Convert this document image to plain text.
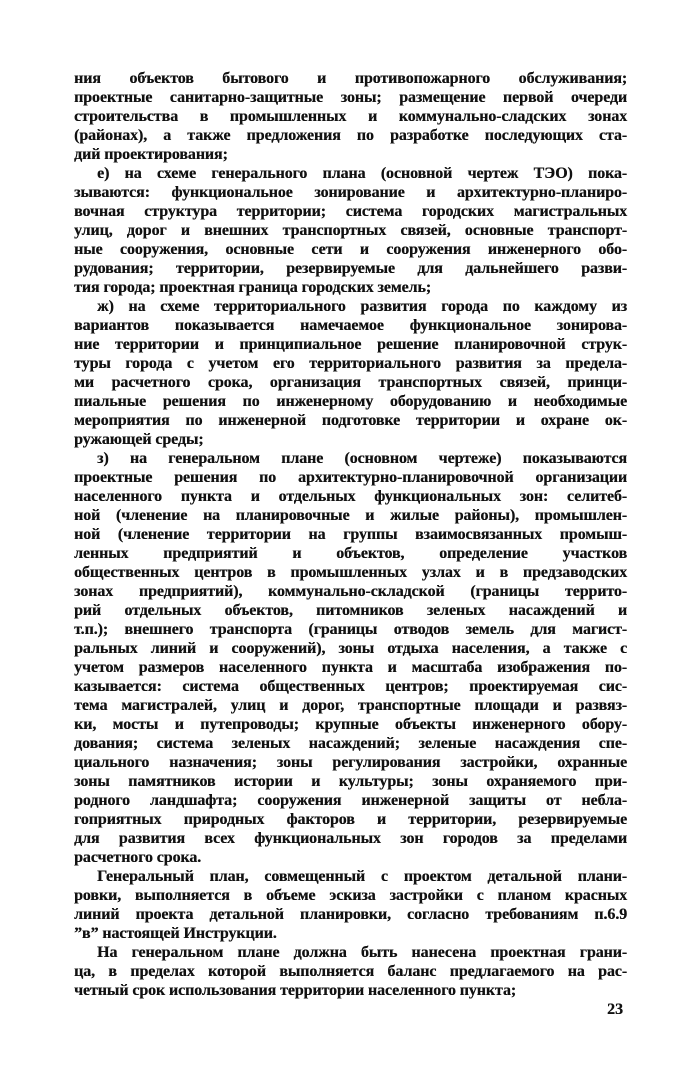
ния объектов бытового и противопожарного обслуживания;
проектные санитарно-защитные зоны; размещение первой очереди
строительства в промышленных и коммунально-сладских зонах
(районах), а также предложения по разработке последующих ста-
дий проектирования;
е) на схеме генерального плана (основной чертеж ТЭО) пока-
зываются: функциональное зонирование и архитектурно-планиро-
вочная структура территории; система городских магистральных
улиц, дорог и внешних транспортных связей, основные транспорт-
ные сооружения, основные сети и сооружения инженерного обо-
рудования; территории, резервируемые для дальнейшего разви-
тия города; проектная граница городских земель;
ж) на схеме территориального развития города по каждому из
вариантов показывается намечаемое функциональное зонирова-
ние территории и принципиальное решение планировочной струк-
туры города с учетом его территориального развития за предела-
ми расчетного срока, организация транспортных связей, принци-
пиальные решения по инженерному оборудованию и необходимые
мероприятия по инженерной подготовке территории и охране ок-
ружающей среды;
з) на генеральном плане (основном чертеже) показываются
проектные решения по архитектурно-планировочной организации
населенного пункта и отдельных функциональных зон: селитеб-
ной (членение на планировочные и жилые районы), промышлен-
ной (членение территории на группы взаимосвязанных промыш-
ленных предприятий и объектов, определение участков
общественных центров в промышленных узлах и в предзаводских
зонах предприятий), коммунально-складской (границы террито-
рий отдельных объектов, питомников зеленых насаждений и
т.п.); внешнего транспорта (границы отводов земель для магист-
ральных линий и сооружений), зоны отдыха населения, а также с
учетом размеров населенного пункта и масштаба изображения по-
казывается: система общественных центров; проектируемая сис-
тема магистралей, улиц и дорог, транспортные площади и развяз-
ки, мосты и путепроводы; крупные объекты инженерного обору-
дования; система зеленых насаждений; зеленые насаждения спе-
циального назначения; зоны регулирования застройки, охранные
зоны памятников истории и культуры; зоны охраняемого при-
родного ландшафта; сооружения инженерной защиты от небла-
гоприятных природных факторов и территории, резервируемые
для развития всех функциональных зон городов за пределами
расчетного срока.
Генеральный план, совмещенный с проектом детальной плани-
ровки, выполняется в объеме эскиза застройки с планом красных
линий проекта детальной планировки, согласно требованиям п.6.9
”в” настоящей Инструкции.
На генеральном плане должна быть нанесена проектная грани-
ца, в пределах которой выполняется баланс предлагаемого на рас-
четный срок использования территории населенного пункта;
23
